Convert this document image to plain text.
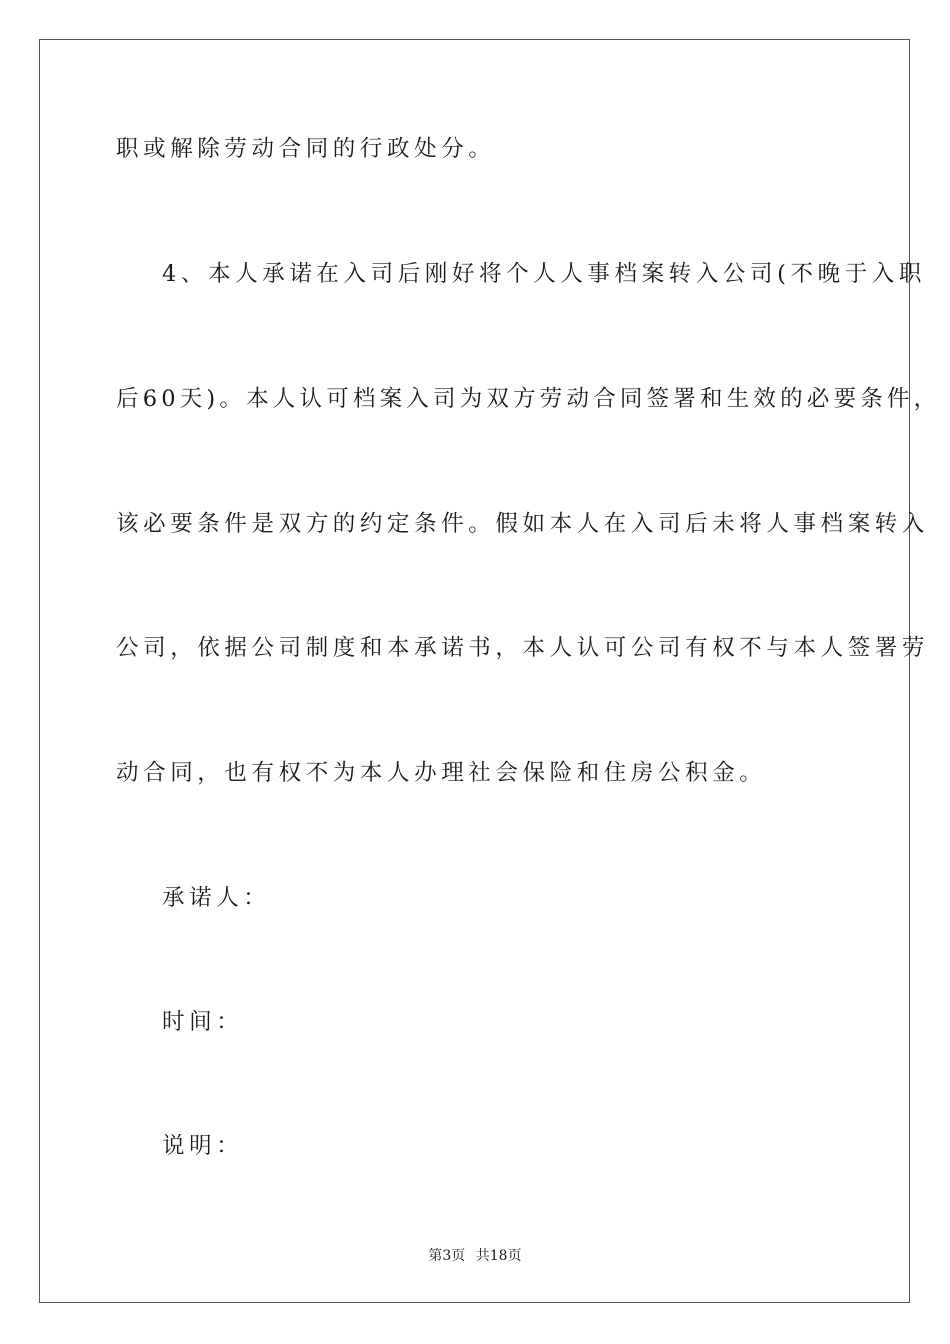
职或解除劳动合同的行政处分。
4、本人承诺在入司后刚好将个人人事档案转入公司(不晚于入职
后60天)。本人认可档案入司为双方劳动合同签署和生效的必要条件，
该必要条件是双方的约定条件。假如本人在入司后未将人事档案转入
公司，依据公司制度和本承诺书，本人认可公司有权不与本人签署劳
动合同，也有权不为本人办理社会保险和住房公积金。
承诺人：
时间：
说明：
第3页 共18页
